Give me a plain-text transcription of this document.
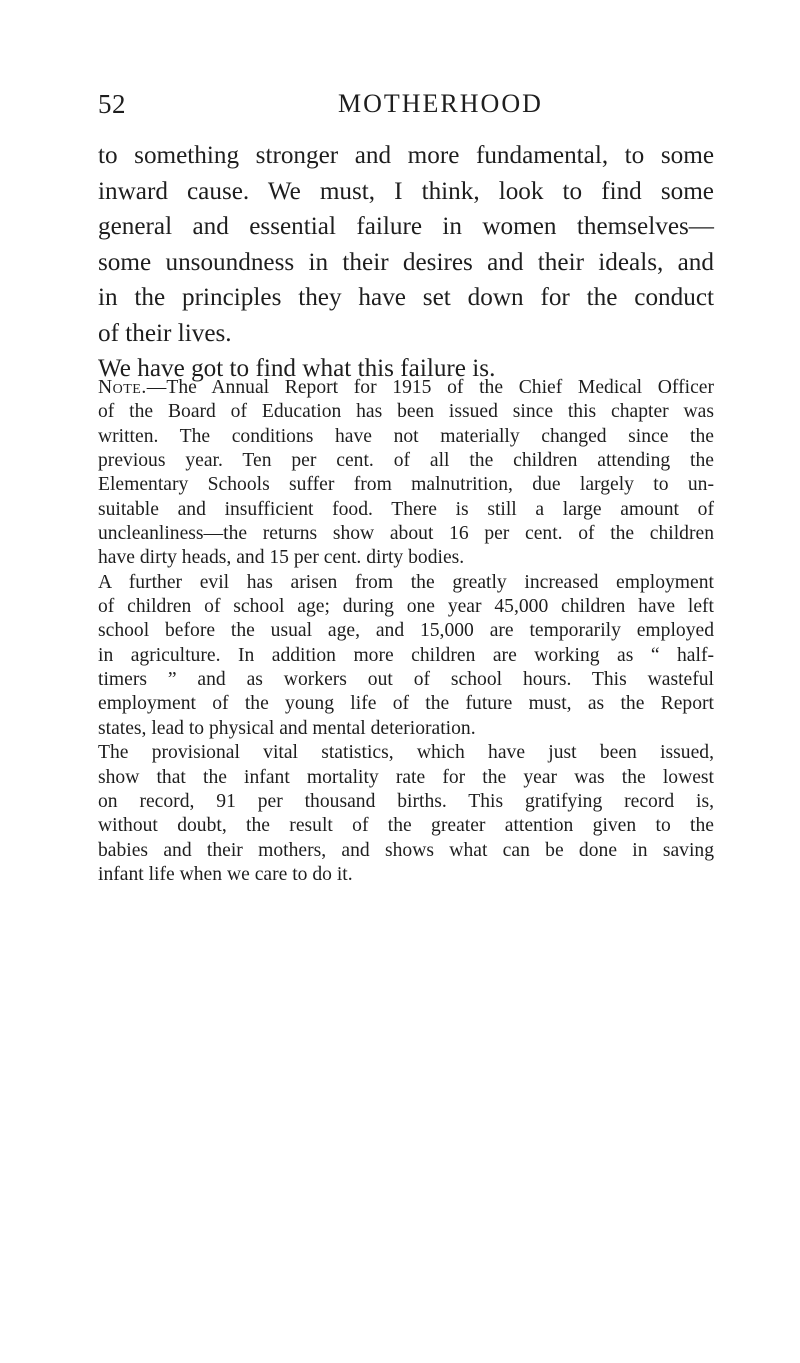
52	MOTHERHOOD
to something stronger and more fundamental, to some
inward cause. We must, I think, look to find some
general and essential failure in women themselves—
some unsoundness in their desires and their ideals, and
in the principles they have set down for the conduct
of their lives.
We have got to find what this failure is.
Note.—The Annual Report for 1915 of the Chief Medical Officer
of the Board of Education has been issued since this chapter was
written. The conditions have not materially changed since the
previous year. Ten per cent. of all the children attending the
Elementary Schools suffer from malnutrition, due largely to un-
suitable and insufficient food. There is still a large amount of
uncleanliness—the returns show about 16 per cent. of the children
have dirty heads, and 15 per cent. dirty bodies.
A further evil has arisen from the greatly increased employment
of children of school age; during one year 45,000 children have left
school before the usual age, and 15,000 are temporarily employed
in agriculture. In addition more children are working as “ half-
timers ” and as workers out of school hours. This wasteful
employment of the young life of the future must, as the Report
states, lead to physical and mental deterioration.
The provisional vital statistics, which have just been issued,
show that the infant mortality rate for the year was the lowest
on record, 91 per thousand births. This gratifying record is,
without doubt, the result of the greater attention given to the
babies and their mothers, and shows what can be done in saving
infant life when we care to do it.
